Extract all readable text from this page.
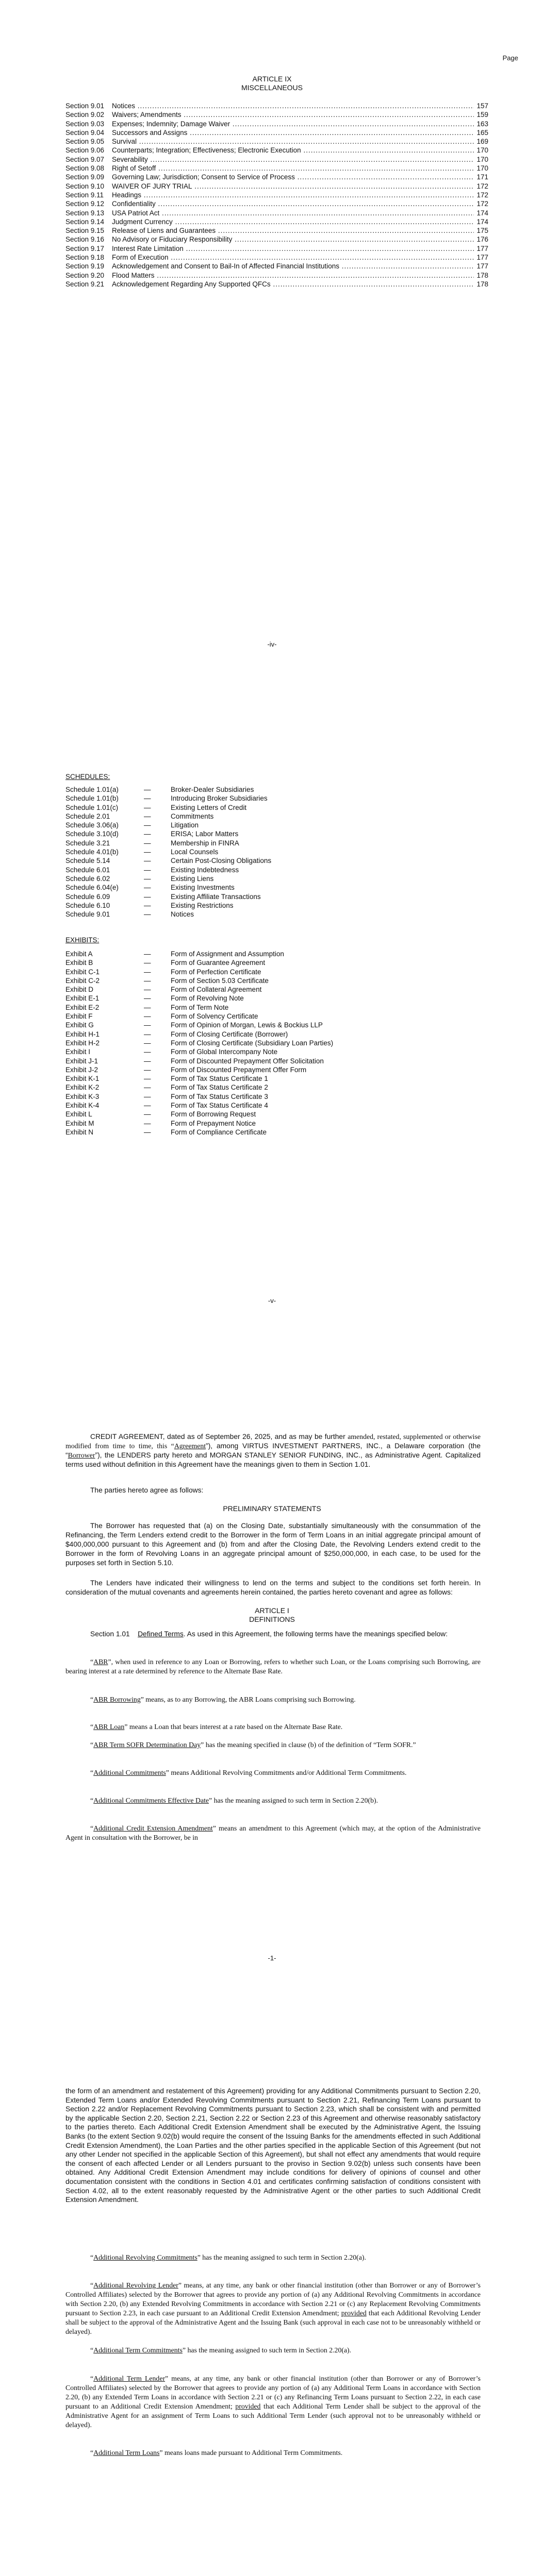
Page
ARTICLE IX
MISCELLANEOUS
Section 9.01	Notices .....	157
Section 9.02	Waivers; Amendments .....	159
Section 9.03	Expenses; Indemnity; Damage Waiver .....	163
Section 9.04	Successors and Assigns .....	165
Section 9.05	Survival .....	169
Section 9.06	Counterparts; Integration; Effectiveness; Electronic Execution .....	170
Section 9.07	Severability .....	170
Section 9.08	Right of Setoff .....	170
Section 9.09	Governing Law; Jurisdiction; Consent to Service of Process .....	171
Section 9.10	WAIVER OF JURY TRIAL .....	172
Section 9.11	Headings .....	172
Section 9.12	Confidentiality .....	172
Section 9.13	USA Patriot Act .....	174
Section 9.14	Judgment Currency .....	174
Section 9.15	Release of Liens and Guarantees .....	175
Section 9.16	No Advisory or Fiduciary Responsibility .....	176
Section 9.17	Interest Rate Limitation .....	177
Section 9.18	Form of Execution .....	177
Section 9.19	Acknowledgement and Consent to Bail-In of Affected Financial Institutions .....	177
Section 9.20	Flood Matters .....	178
Section 9.21	Acknowledgement Regarding Any Supported QFCs .....	178
-iv-
SCHEDULES:
Schedule 1.01(a)	—	Broker-Dealer Subsidiaries
Schedule 1.01(b)	—	Introducing Broker Subsidiaries
Schedule 1.01(c)	—	Existing Letters of Credit
Schedule 2.01	—	Commitments
Schedule 3.06(a)	—	Litigation
Schedule 3.10(d)	—	ERISA; Labor Matters
Schedule 3.21	—	Membership in FINRA
Schedule 4.01(b)	—	Local Counsels
Schedule 5.14	—	Certain Post-Closing Obligations
Schedule 6.01	—	Existing Indebtedness
Schedule 6.02	—	Existing Liens
Schedule 6.04(e)	—	Existing Investments
Schedule 6.09	—	Existing Affiliate Transactions
Schedule 6.10	—	Existing Restrictions
Schedule 9.01	—	Notices
EXHIBITS:
Exhibit A	—	Form of Assignment and Assumption
Exhibit B	—	Form of Guarantee Agreement
Exhibit C-1	—	Form of Perfection Certificate
Exhibit C-2	—	Form of Section 5.03 Certificate
Exhibit D	—	Form of Collateral Agreement
Exhibit E-1	—	Form of Revolving Note
Exhibit E-2	—	Form of Term Note
Exhibit F	—	Form of Solvency Certificate
Exhibit G	—	Form of Opinion of Morgan, Lewis & Bockius LLP
Exhibit H-1	—	Form of Closing Certificate (Borrower)
Exhibit H-2	—	Form of Closing Certificate (Subsidiary Loan Parties)
Exhibit I	—	Form of Global Intercompany Note
Exhibit J-1	—	Form of Discounted Prepayment Offer Solicitation
Exhibit J-2	—	Form of Discounted Prepayment Offer Form
Exhibit K-1	—	Form of Tax Status Certificate 1
Exhibit K-2	—	Form of Tax Status Certificate 2
Exhibit K-3	—	Form of Tax Status Certificate 3
Exhibit K-4	—	Form of Tax Status Certificate 4
Exhibit L	—	Form of Borrowing Request
Exhibit M	—	Form of Prepayment Notice
Exhibit N	—	Form of Compliance Certificate
-v-
CREDIT AGREEMENT, dated as of September 26, 2025, and as may be further amended, restated, supplemented or otherwise modified from time to time, this “Agreement”), among VIRTUS INVESTMENT PARTNERS, INC., a Delaware corporation (the “Borrower”), the LENDERS party hereto and MORGAN STANLEY SENIOR FUNDING, INC., as Administrative Agent. Capitalized terms used without definition in this Agreement have the meanings given to them in Section 1.01.
The parties hereto agree as follows:
PRELIMINARY STATEMENTS
The Borrower has requested that (a) on the Closing Date, substantially simultaneously with the consummation of the Refinancing, the Term Lenders extend credit to the Borrower in the form of Term Loans in an initial aggregate principal amount of $400,000,000 pursuant to this Agreement and (b) from and after the Closing Date, the Revolving Lenders extend credit to the Borrower in the form of Revolving Loans in an aggregate principal amount of $250,000,000, in each case, to be used for the purposes set forth in Section 5.10.
The Lenders have indicated their willingness to lend on the terms and subject to the conditions set forth herein. In consideration of the mutual covenants and agreements herein contained, the parties hereto covenant and agree as follows:
ARTICLE I
DEFINITIONS
Section 1.01 Defined Terms. As used in this Agreement, the following terms have the meanings specified below:
“ABR”, when used in reference to any Loan or Borrowing, refers to whether such Loan, or the Loans comprising such Borrowing, are bearing interest at a rate determined by reference to the Alternate Base Rate.
“ABR Borrowing” means, as to any Borrowing, the ABR Loans comprising such Borrowing.
“ABR Loan” means a Loan that bears interest at a rate based on the Alternate Base Rate.
“ABR Term SOFR Determination Day” has the meaning specified in clause (b) of the definition of “Term SOFR.”
“Additional Commitments” means Additional Revolving Commitments and/or Additional Term Commitments.
“Additional Commitments Effective Date” has the meaning assigned to such term in Section 2.20(b).
“Additional Credit Extension Amendment” means an amendment to this Agreement (which may, at the option of the Administrative Agent in consultation with the Borrower, be in
-1-
the form of an amendment and restatement of this Agreement) providing for any Additional Commitments pursuant to Section 2.20, Extended Term Loans and/or Extended Revolving Commitments pursuant to Section 2.21, Refinancing Term Loans pursuant to Section 2.22 and/or Replacement Revolving Commitments pursuant to Section 2.23, which shall be consistent with and permitted by the applicable Section 2.20, Section 2.21, Section 2.22 or Section 2.23 of this Agreement and otherwise reasonably satisfactory to the parties thereto. Each Additional Credit Extension Amendment shall be executed by the Administrative Agent, the Issuing Banks (to the extent Section 9.02(b) would require the consent of the Issuing Banks for the amendments effected in such Additional Credit Extension Amendment), the Loan Parties and the other parties specified in the applicable Section of this Agreement (but not any other Lender not specified in the applicable Section of this Agreement), but shall not effect any amendments that would require the consent of each affected Lender or all Lenders pursuant to the proviso in Section 9.02(b) unless such consents have been obtained. Any Additional Credit Extension Amendment may include conditions for delivery of opinions of counsel and other documentation consistent with the conditions in Section 4.01 and certificates confirming satisfaction of conditions consistent with Section 4.02, all to the extent reasonably requested by the Administrative Agent or the other parties to such Additional Credit Extension Amendment.
“Additional Revolving Commitments” has the meaning assigned to such term in Section 2.20(a).
“Additional Revolving Lender” means, at any time, any bank or other financial institution (other than Borrower or any of Borrower’s Controlled Affiliates) selected by the Borrower that agrees to provide any portion of (a) any Additional Revolving Commitments in accordance with Section 2.20, (b) any Extended Revolving Commitments in accordance with Section 2.21 or (c) any Replacement Revolving Commitments pursuant to Section 2.23, in each case pursuant to an Additional Credit Extension Amendment; provided that each Additional Revolving Lender shall be subject to the approval of the Administrative Agent and the Issuing Bank (such approval in each case not to be unreasonably withheld or delayed).
“Additional Term Commitments” has the meaning assigned to such term in Section 2.20(a).
“Additional Term Lender” means, at any time, any bank or other financial institution (other than Borrower or any of Borrower’s Controlled Affiliates) selected by the Borrower that agrees to provide any portion of (a) any Additional Term Loans in accordance with Section 2.20, (b) any Extended Term Loans in accordance with Section 2.21 or (c) any Refinancing Term Loans pursuant to Section 2.22, in each case pursuant to an Additional Credit Extension Amendment; provided that each Additional Term Lender shall be subject to the approval of the Administrative Agent for an assignment of Term Loans to such Additional Term Lender (such approval not to be unreasonably withheld or delayed).
“Additional Term Loans” means loans made pursuant to Additional Term Commitments.
